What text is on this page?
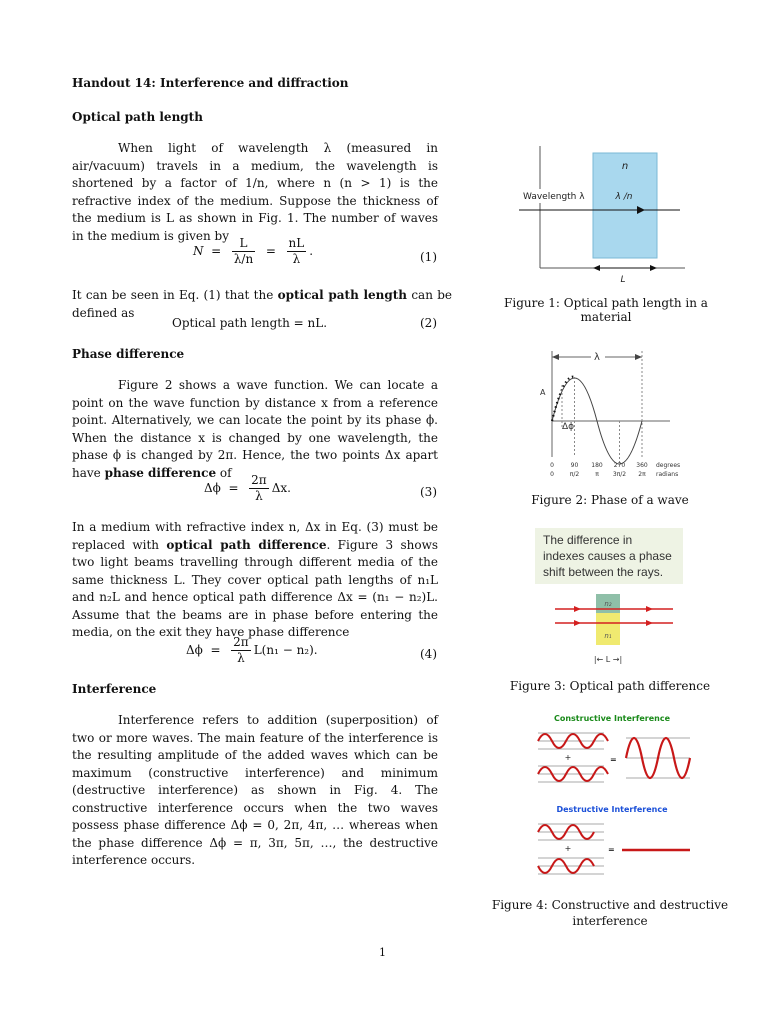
Handout 14: Interference and diffraction
Optical path length
When light of wavelength λ (measured in air/vacuum) travels in a medium, the wavelength is shortened by a factor of 1/n, where n (n > 1) is the refractive index of the medium. Suppose the thickness of the medium is L as shown in Fig. 1. The number of waves in the medium is given by
$N = \frac{L}{\lambda/n} = \frac{nL}{\lambda}$ .	(1)
It can be seen in Eq. (1) that the optical path length can be defined as
Optical path length = nL.	(2)
Phase difference
Figure 2 shows a wave function. We can locate a point on the wave function by distance x from a reference point. Alternatively, we can locate the point by its phase ϕ. When the distance x is changed by one wavelength, the phase ϕ is changed by 2π. Hence, the two points Δx apart have phase difference of
$\Delta\phi = \frac{2\pi}{\lambda} \Delta x$.	(3)
In a medium with refractive index n, Δx in Eq. (3) must be replaced with optical path difference. Figure 3 shows two light beams travelling through different media of the same thickness L. They cover optical path lengths of n₁L and n₂L and hence optical path difference Δx = (n₁ − n₂)L. Assume that the beams are in phase before entering the media, on the exit they have phase difference
$\Delta\phi = \frac{2\pi}{\lambda} L(n_1 - n_2)$.	(4)
Interference
Interference refers to addition (superposition) of two or more waves. The main feature of the interference is the resulting amplitude of the added waves which can be maximum (constructive interference) and minimum (destructive interference) as shown in Fig. 4. The constructive interference occurs when the two waves possess phase difference Δϕ = 0, 2π, 4π, … whereas when the phase difference Δϕ = π, 3π, 5π, …, the destructive interference occurs.
n
Wavelength λ	λ /n
L
Figure 1: Optical path length in a material
λ
A
Δϕ
0	90 180 270 360 degrees
0	π/2	π 3π/2 2π radians
Figure 2: Phase of a wave
The difference in indexes causes a phase shift between the rays.
n₂
n₁
|← L →|
Figure 3: Optical path difference
Constructive Interference
+	=
Destructive Interference
+	=
Figure 4: Constructive and destructive
interference
1
